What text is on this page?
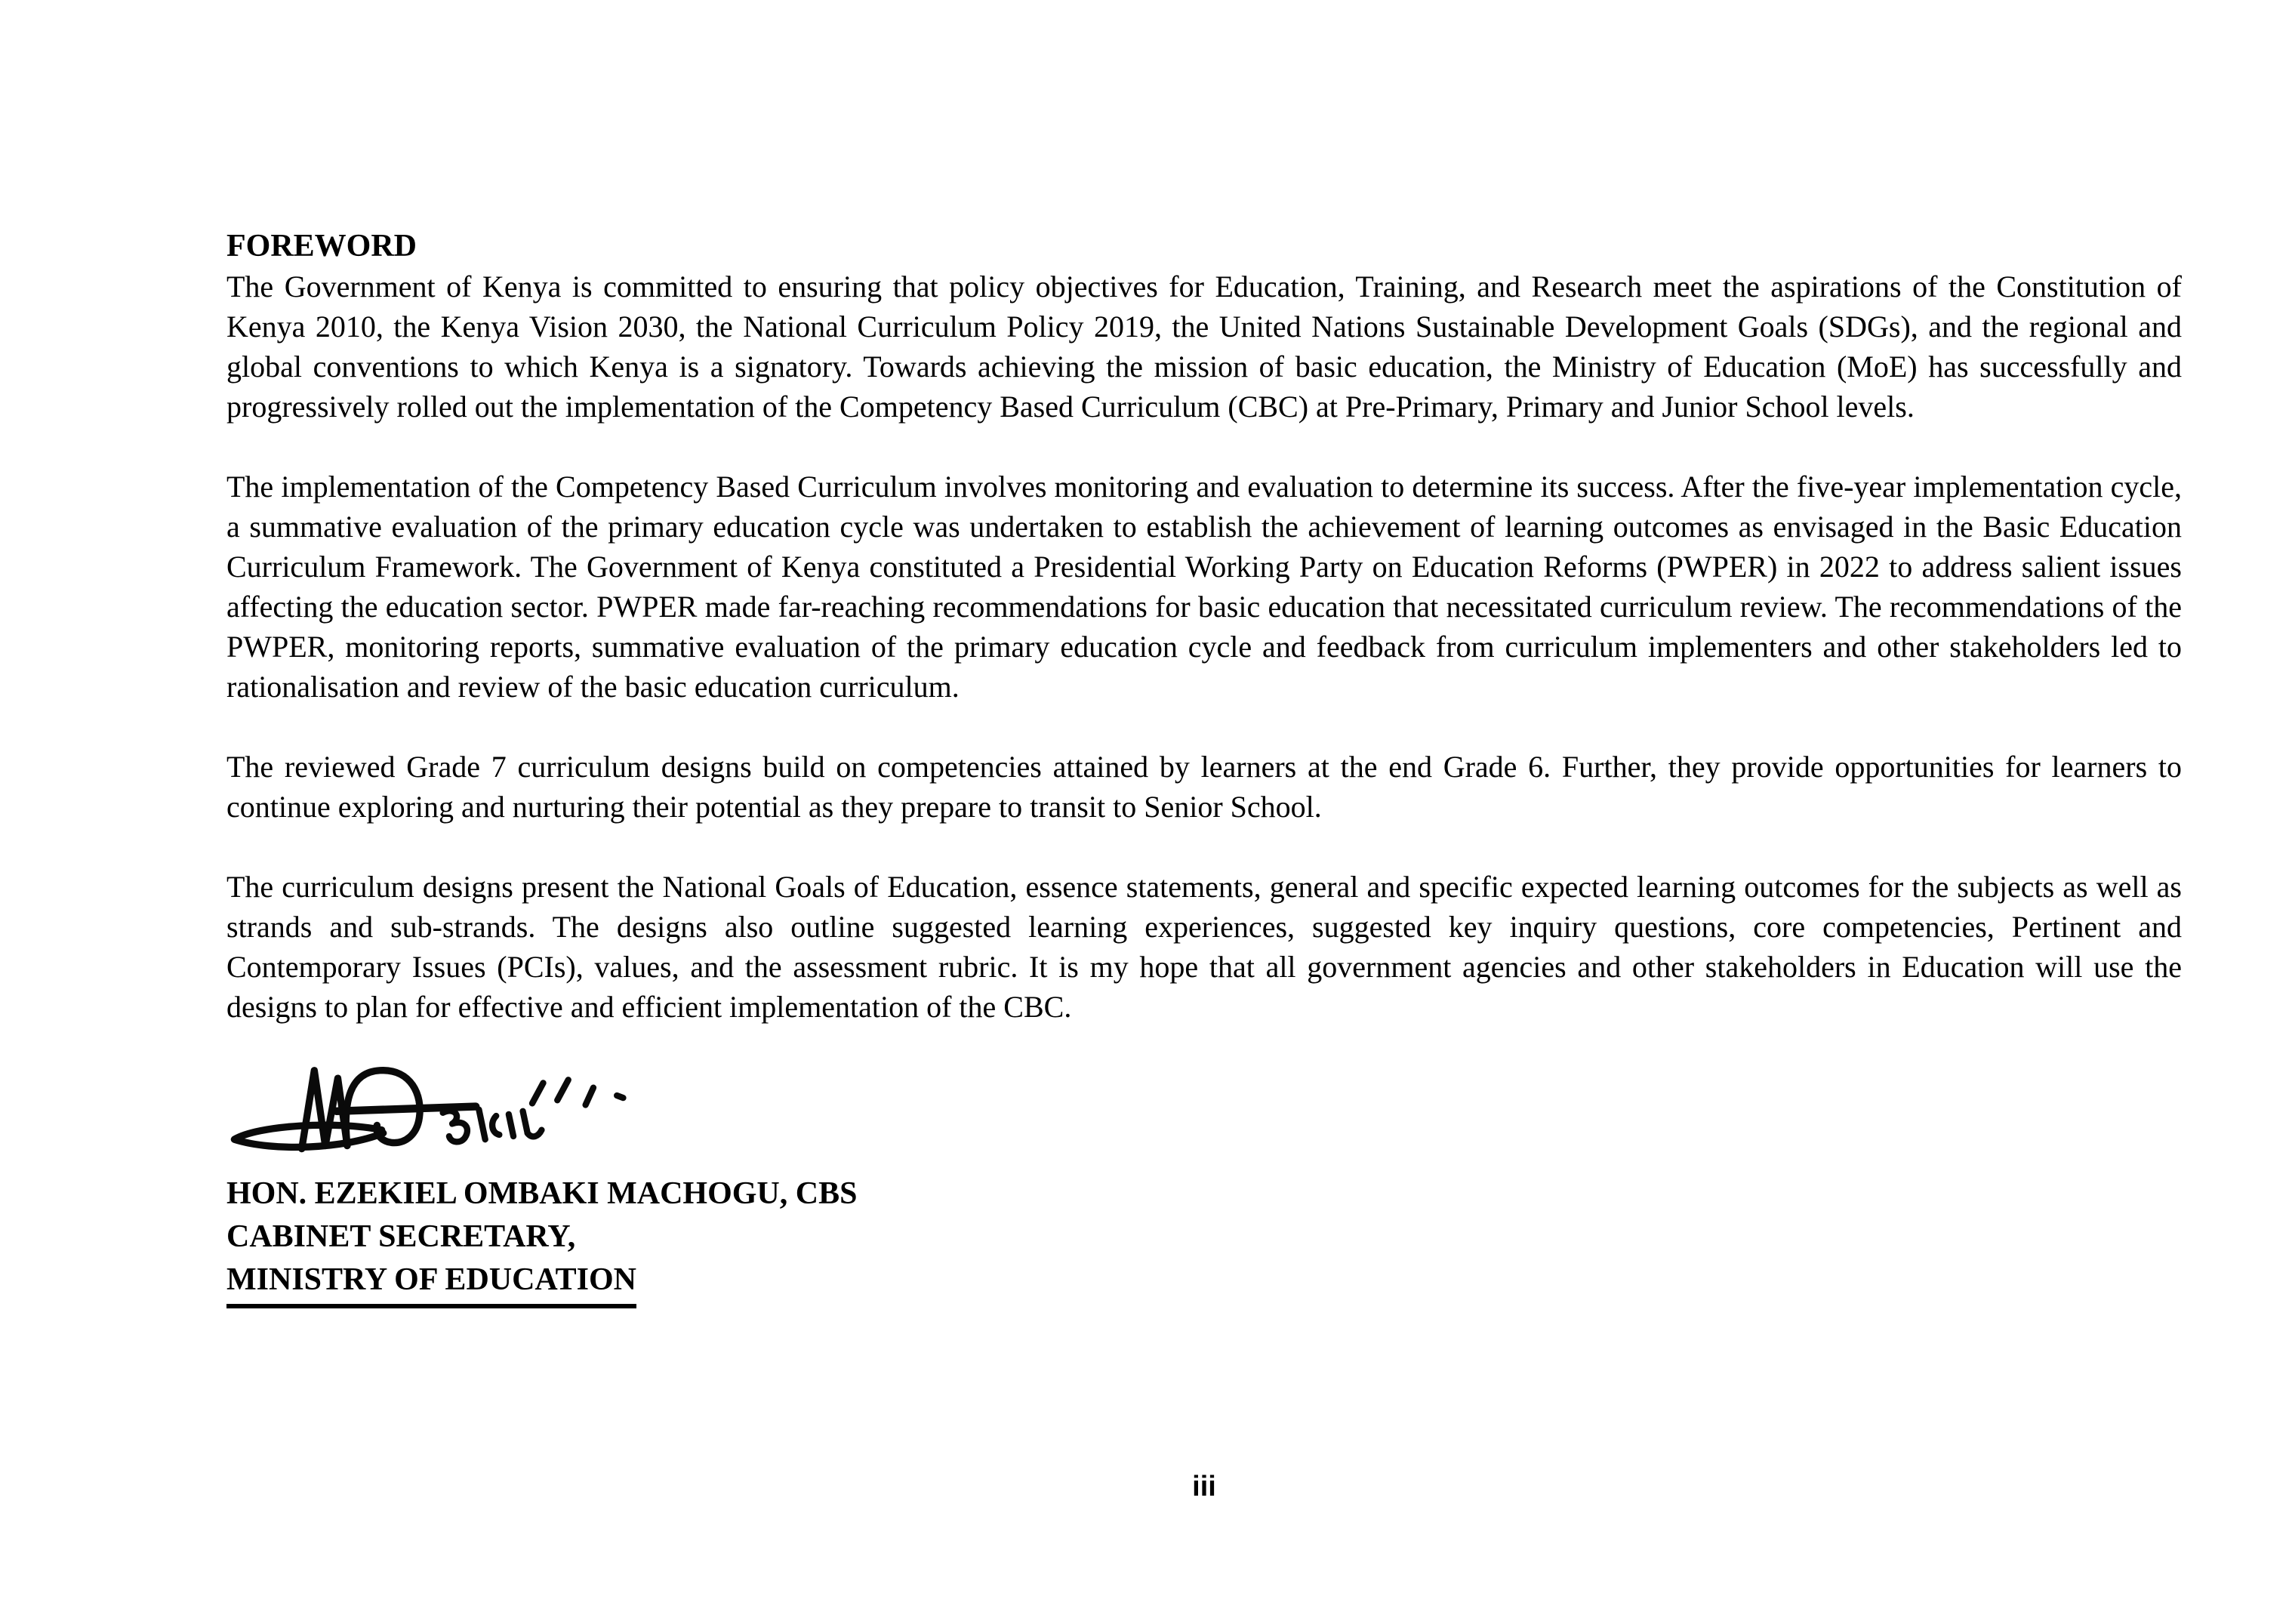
FOREWORD

The Government of Kenya is committed to ensuring that policy objectives for Education, Training, and Research meet the aspirations of the Constitution of Kenya 2010, the Kenya Vision 2030, the National Curriculum Policy 2019, the United Nations Sustainable Development Goals (SDGs), and the regional and global conventions to which Kenya is a signatory. Towards achieving the mission of basic education, the Ministry of Education (MoE) has successfully and progressively rolled out the implementation of the Competency Based Curriculum (CBC) at Pre-Primary, Primary and Junior School levels.

The implementation of the Competency Based Curriculum involves monitoring and evaluation to determine its success. After the five-year implementation cycle, a summative evaluation of the primary education cycle was undertaken to establish the achievement of learning outcomes as envisaged in the Basic Education Curriculum Framework. The Government of Kenya constituted a Presidential Working Party on Education Reforms (PWPER) in 2022 to address salient issues affecting the education sector. PWPER made far-reaching recommendations for basic education that necessitated curriculum review. The recommendations of the PWPER, monitoring reports, summative evaluation of the primary education cycle and feedback from curriculum implementers and other stakeholders led to rationalisation and review of the basic education curriculum.

The reviewed Grade 7 curriculum designs build on competencies attained by learners at the end Grade 6. Further, they provide opportunities for learners to continue exploring and nurturing their potential as they prepare to transit to Senior School.

The curriculum designs present the National Goals of Education, essence statements, general and specific expected learning outcomes for the subjects as well as strands and sub-strands. The designs also outline suggested learning experiences, suggested key inquiry questions, core competencies, Pertinent and Contemporary Issues (PCIs), values, and the assessment rubric. It is my hope that all government agencies and other stakeholders in Education will use the designs to plan for effective and efficient implementation of the CBC.

HON. EZEKIEL OMBAKI MACHOGU, CBS

CABINET SECRETARY,

MINISTRY OF EDUCATION

iii
